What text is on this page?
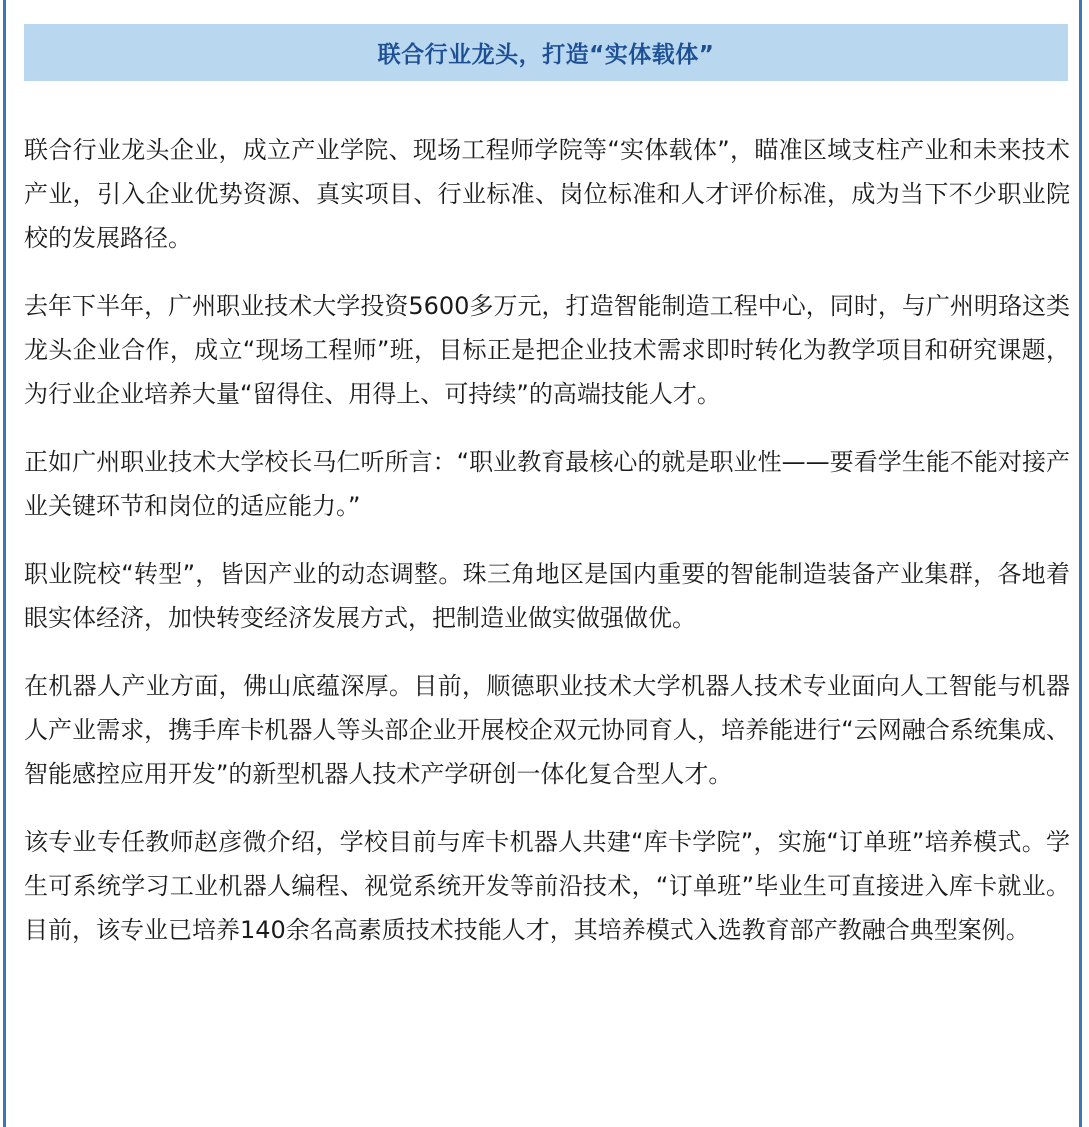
联合行业龙头，打造“实体载体”

联合行业龙头企业，成立产业学院、现场工程师学院等“实体载体”，瞄准区域支柱产业和未来技术产业，引入企业优势资源、真实项目、行业标准、岗位标准和人才评价标准，成为当下不少职业院校的发展路径。

去年下半年，广州职业技术大学投资5600多万元，打造智能制造工程中心，同时，与广州明珞这类龙头企业合作，成立“现场工程师”班，目标正是把企业技术需求即时转化为教学项目和研究课题，为行业企业培养大量“留得住、用得上、可持续”的高端技能人才。

正如广州职业技术大学校长马仁听所言：“职业教育最核心的就是职业性——要看学生能不能对接产业关键环节和岗位的适应能力。”

职业院校“转型”，皆因产业的动态调整。珠三角地区是国内重要的智能制造装备产业集群，各地着眼实体经济，加快转变经济发展方式，把制造业做实做强做优。

在机器人产业方面，佛山底蕴深厚。目前，顺德职业技术大学机器人技术专业面向人工智能与机器人产业需求，携手库卡机器人等头部企业开展校企双元协同育人，培养能进行“云网融合系统集成、智能感控应用开发”的新型机器人技术产学研创一体化复合型人才。

该专业专任教师赵彦微介绍，学校目前与库卡机器人共建“库卡学院”，实施“订单班”培养模式。学生可系统学习工业机器人编程、视觉系统开发等前沿技术，“订单班”毕业生可直接进入库卡就业。目前，该专业已培养140余名高素质技术技能人才，其培养模式入选教育部产教融合典型案例。
